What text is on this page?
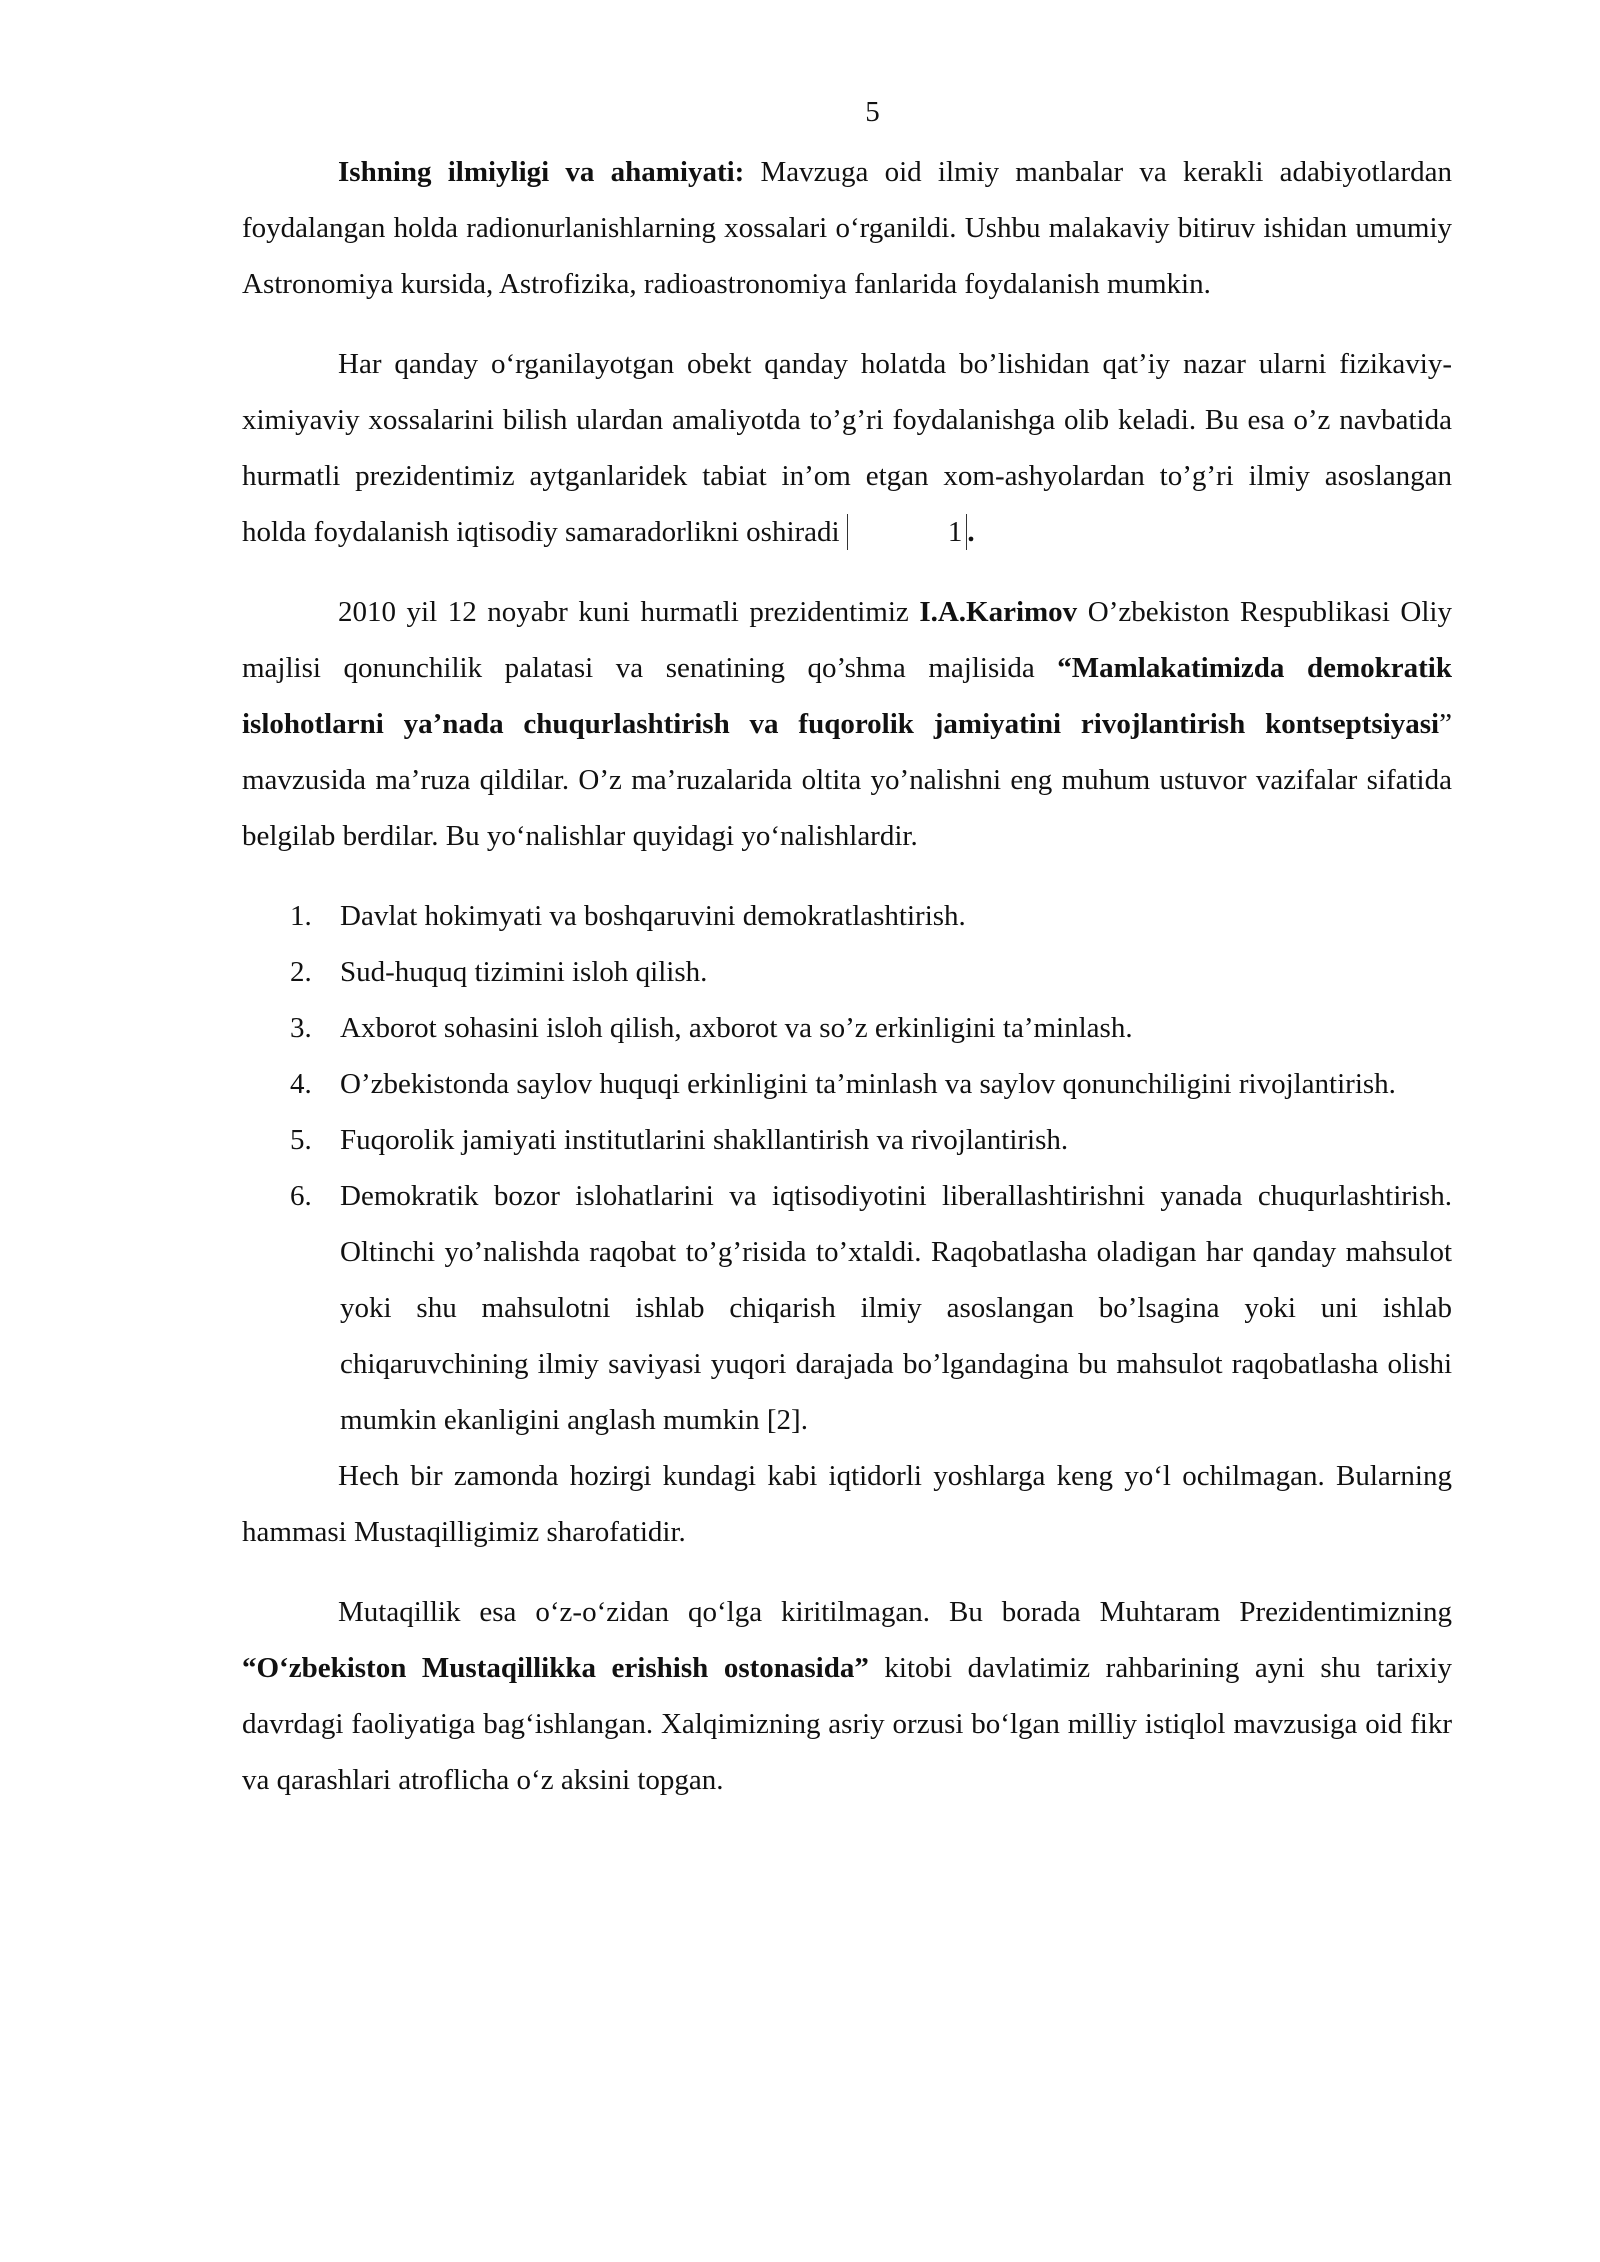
5

Ishning ilmiyligi va ahamiyati: Mavzuga oid ilmiy manbalar va kerakli adabiyotlardan foydalangan holda radionurlanishlarning xossalari o‘rganildi. Ushbu malakaviy bitiruv ishidan umumiy Astronomiya kursida, Astrofizika, radioastronomiya fanlarida foydalanish mumkin.

Har qanday o‘rganilayotgan obekt qanday holatda bo’lishidan qat’iy nazar ularni fizikaviy-ximiyaviy xossalarini bilish ulardan amaliyotda to’g’ri foydalanishga olib keladi. Bu esa o’z navbatida hurmatli prezidentimiz aytganlaridek tabiat in’om etgan xom-ashyolardan to’g’ri ilmiy asoslangan holda foydalanish iqtisodiy samaradorlikni oshiradi	1 .

2010 yil 12 noyabr kuni hurmatli prezidentimiz I.A.Karimov O’zbekiston Respublikasi Oliy majlisi qonunchilik palatasi va senatining qo’shma majlisida “Mamlakatimizda demokratik islohotlarni ya’nada chuqurlashtirish va fuqorolik jamiyatini rivojlantirish kontseptsiyasi” mavzusida ma’ruza qildilar. O’z ma’ruzalarida oltita yo’nalishni eng muhum ustuvor vazifalar sifatida belgilab berdilar. Bu yo‘nalishlar quyidagi yo‘nalishlardir.

1. Davlat hokimyati va boshqaruvini demokratlashtirish.
2. Sud-huquq tizimini isloh qilish.
3. Axborot sohasini isloh qilish, axborot va so’z erkinligini ta’minlash.
4. O’zbekistonda saylov huquqi erkinligini ta’minlash va saylov qonunchiligini rivojlantirish.
5. Fuqorolik jamiyati institutlarini shakllantirish va rivojlantirish.
6. Demokratik bozor islohatlarini va iqtisodiyotini liberallashtirishni yanada chuqurlashtirish. Oltinchi yo’nalishda raqobat to’g’risida to’xtaldi. Raqobatlasha oladigan har qanday mahsulot yoki shu mahsulotni ishlab chiqarish ilmiy asoslangan bo’lsagina yoki uni ishlab chiqaruvchining ilmiy saviyasi yuqori darajada bo’lgandagina bu mahsulot raqobatlasha olishi mumkin ekanligini anglash mumkin [2].

Hech bir zamonda hozirgi kundagi kabi iqtidorli yoshlarga keng yo‘l ochilmagan. Bularning hammasi Mustaqilligimiz sharofatidir.

Mutaqillik esa o‘z-o‘zidan qo‘lga kiritilmagan. Bu borada Muhtaram Prezidentimizning “O‘zbekiston Mustaqillikka erishish ostonasida” kitobi davlatimiz rahbarining ayni shu tarixiy davrdagi faoliyatiga bag‘ishlangan. Xalqimizning asriy orzusi bo‘lgan milliy istiqlol mavzusiga oid fikr va qarashlari atroflicha o‘z aksini topgan.
